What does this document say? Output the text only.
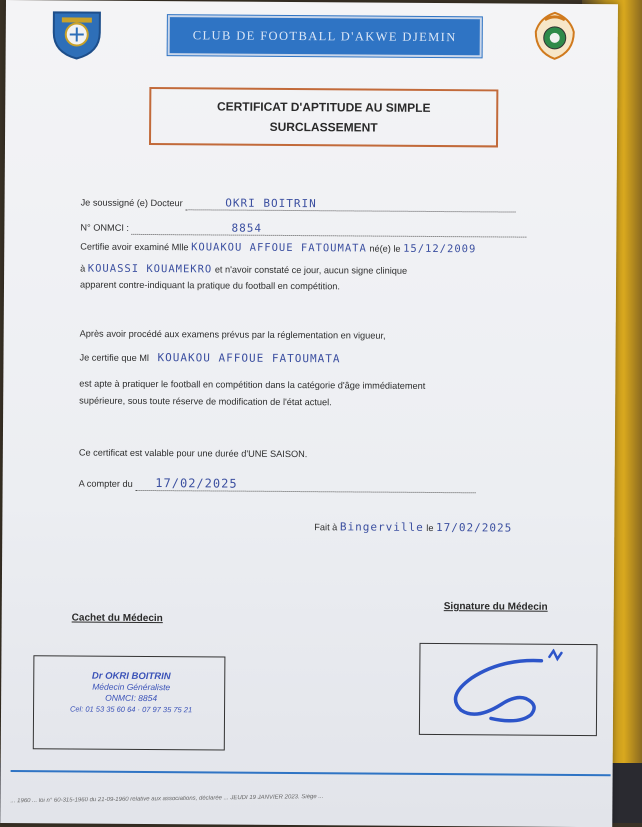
CLUB DE FOOTBALL D'AKWE DJEMIN
CERTIFICAT D'APTITUDE AU SIMPLE
SURCLASSEMENT
Je soussigné (e) Docteur	OKRI BOITRIN
N° ONMCI :	8854
Certifie avoir examiné Mlle KOUAKOU AFFOUE FATOUMATA né(e) le 15/12/2009
à KOUASSI KOUAMEKRO et n'avoir constaté ce jour, aucun signe clinique
apparent contre-indiquant la pratique du football en compétition.
Après avoir procédé aux examens prévus par la réglementation en vigueur,
Je certifie que Ml KOUAKOU AFFOUE FATOUMATA
est apte à pratiquer le football en compétition dans la catégorie d'âge immédiatement
supérieure, sous toute réserve de modification de l'état actuel.
Ce certificat est valable pour une durée d'UNE SAISON.
A compter du 17/02/2025
Fait à Bingerville le 17/02/2025
Cachet du Médecin
Dr OKRI BOITRIN
Médecin Généraliste
ONMCI: 8854
Cel: 01 53 35 60 64 · 07 97 35 75 21
Signature du Médecin
... 1960 ... loi n° 60-315-1960 du 21-09-1960 relative aux associations, déclarée ... JEUDI 19 JANVIER 2023. Siège ...
